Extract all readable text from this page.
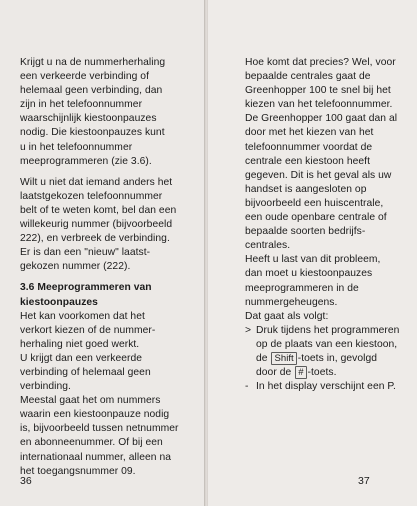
Krijgt u na de nummerherhaling
een verkeerde verbinding of
helemaal geen verbinding, dan
zijn in het telefoonnummer
waarschijnlijk kiestoonpauzes
nodig. Die kiestoonpauzes kunt
u in het telefoonnummer
meeprogrammeren (zie 3.6).
Wilt u niet dat iemand anders het
laatstgekozen telefoonnummer
belt of te weten komt, bel dan een
willekeurig nummer (bijvoorbeeld
222), en verbreek de verbinding.
Er is dan een "nieuw" laatst-
gekozen nummer (222).
3.6 Meeprogrammeren van
kiestoonpauzes
Het kan voorkomen dat het
verkort kiezen of de nummer-
herhaling niet goed werkt.
U krijgt dan een verkeerde
verbinding of helemaal geen
verbinding.
Meestal gaat het om nummers
waarin een kiestoonpauze nodig
is, bijvoorbeeld tussen netnummer
en abonneenummer. Of bij een
internationaal nummer, alleen na
het toegangsnummer 09.
36
Hoe komt dat precies? Wel, voor
bepaalde centrales gaat de
Greenhopper 100 te snel bij het
kiezen van het telefoonnummer.
De Greenhopper 100 gaat dan al
door met het kiezen van het
telefoonnummer voordat de
centrale een kiestoon heeft
gegeven. Dit is het geval als uw
handset is aangesloten op
bijvoorbeeld een huiscentrale,
een oude openbare centrale of
bepaalde soorten bedrijfs-
centrales.
Heeft u last van dit probleem,
dan moet u kiestoonpauzes
meeprogrammeren in de
nummergeheugens.
Dat gaat als volgt:
> Druk tijdens het programmeren
op de plaats van een kiestoon,
de Shift -toets in, gevolgd
door de # -toets.
- In het display verschijnt een P.
37
